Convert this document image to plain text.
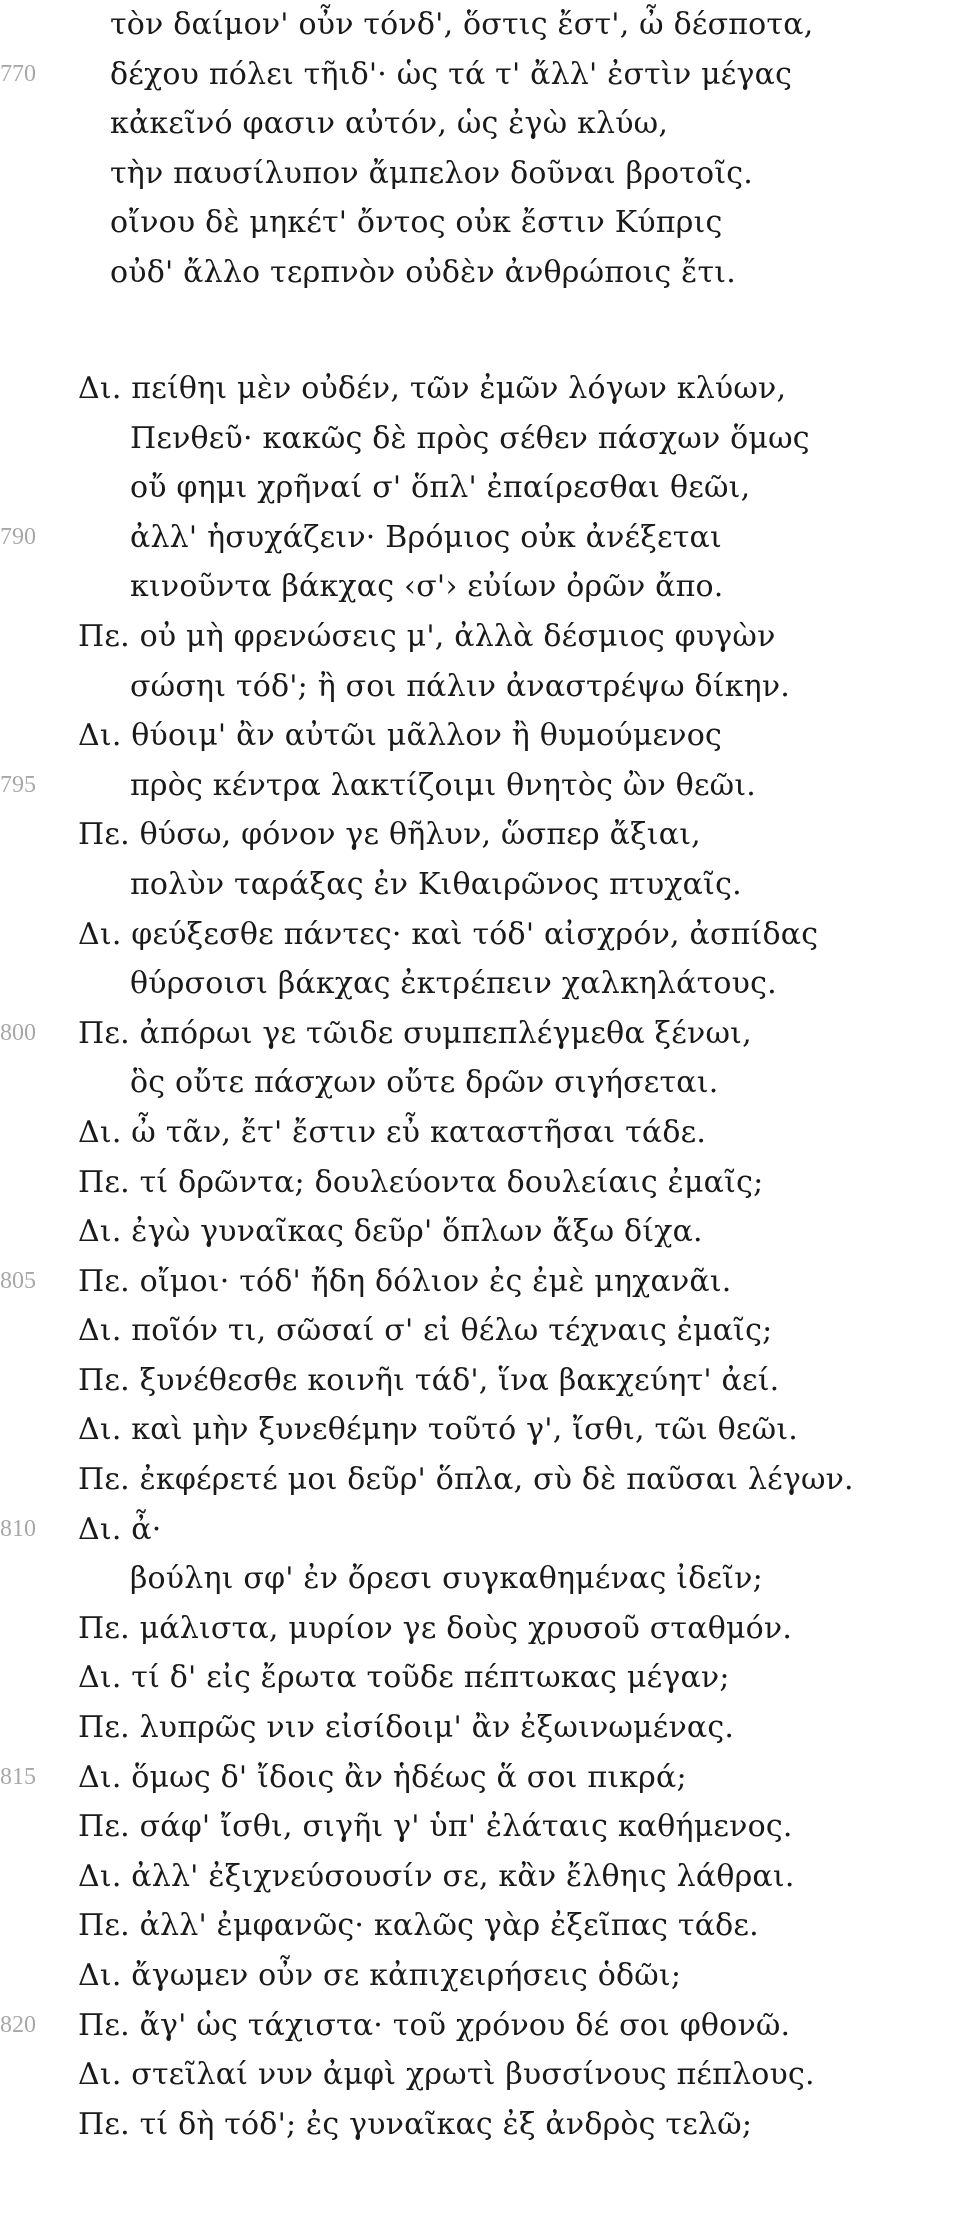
τὸν δαίμον' οὖν τόνδ', ὅστις ἔστ', ὦ δέσποτα,
770	δέχου πόλει τῆιδ'· ὡς τά τ' ἄλλ' ἐστὶν μέγας
κἀκεῖνό φασιν αὐτόν, ὡς ἐγὼ κλύω,
τὴν παυσίλυπον ἄμπελον δοῦναι βροτοῖς.
οἴνου δὲ μηκέτ' ὄντος οὐκ ἔστιν Κύπρις
οὐδ' ἄλλο τερπνὸν οὐδὲν ἀνθρώποις ἔτι.
Δι. πείθηι μὲν οὐδέν, τῶν ἐμῶν λόγων κλύων,
Πενθεῦ· κακῶς δὲ πρὸς σέθεν πάσχων ὅμως
οὔ φημι χρῆναί σ' ὅπλ' ἐπαίρεσθαι θεῶι,
790	ἀλλ' ἡσυχάζειν· Βρόμιος οὐκ ἀνέξεται
κινοῦντα βάκχας ‹σ'› εὐίων ὀρῶν ἄπο.
Πε. οὐ μὴ φρενώσεις μ', ἀλλὰ δέσμιος φυγὼν
σώσηι τόδ'; ἢ σοι πάλιν ἀναστρέψω δίκην.
Δι. θύοιμ' ἂν αὐτῶι μᾶλλον ἢ θυμούμενος
795	πρὸς κέντρα λακτίζοιμι θνητὸς ὢν θεῶι.
Πε. θύσω, φόνον γε θῆλυν, ὥσπερ ἄξιαι,
πολὺν ταράξας ἐν Κιθαιρῶνος πτυχαῖς.
Δι. φεύξεσθε πάντες· καὶ τόδ' αἰσχρόν, ἀσπίδας
θύρσοισι βάκχας ἐκτρέπειν χαλκηλάτους.
800	Πε. ἀπόρωι γε τῶιδε συμπεπλέγμεθα ξένωι,
ὃς οὔτε πάσχων οὔτε δρῶν σιγήσεται.
Δι. ὦ τᾶν, ἔτ' ἔστιν εὖ καταστῆσαι τάδε.
Πε. τί δρῶντα; δουλεύοντα δουλείαις ἐμαῖς;
Δι. ἐγὼ γυναῖκας δεῦρ' ὅπλων ἄξω δίχα.
805	Πε. οἴμοι· τόδ' ἤδη δόλιον ἐς ἐμὲ μηχανᾶι.
Δι. ποῖόν τι, σῶσαί σ' εἰ θέλω τέχναις ἐμαῖς;
Πε. ξυνέθεσθε κοινῆι τάδ', ἵνα βακχεύητ' ἀεί.
Δι. καὶ μὴν ξυνεθέμην τοῦτό γ', ἴσθι, τῶι θεῶι.
Πε. ἐκφέρετέ μοι δεῦρ' ὅπλα, σὺ δὲ παῦσαι λέγων.
810	Δι. ἆ·
βούληι σφ' ἐν ὄρεσι συγκαθημένας ἰδεῖν;
Πε. μάλιστα, μυρίον γε δοὺς χρυσοῦ σταθμόν.
Δι. τί δ' εἰς ἔρωτα τοῦδε πέπτωκας μέγαν;
Πε. λυπρῶς νιν εἰσίδοιμ' ἂν ἐξωινωμένας.
815	Δι. ὅμως δ' ἴδοις ἂν ἡδέως ἅ σοι πικρά;
Πε. σάφ' ἴσθι, σιγῆι γ' ὑπ' ἐλάταις καθήμενος.
Δι. ἀλλ' ἐξιχνεύσουσίν σε, κἂν ἔλθηις λάθραι.
Πε. ἀλλ' ἐμφανῶς· καλῶς γὰρ ἐξεῖπας τάδε.
Δι. ἄγωμεν οὖν σε κἀπιχειρήσεις ὁδῶι;
820	Πε. ἄγ' ὡς τάχιστα· τοῦ χρόνου δέ σοι φθονῶ.
Δι. στεῖλαί νυν ἀμφὶ χρωτὶ βυσσίνους πέπλους.
Πε. τί δὴ τόδ'; ἐς γυναῖκας ἐξ ἀνδρὸς τελῶ;
